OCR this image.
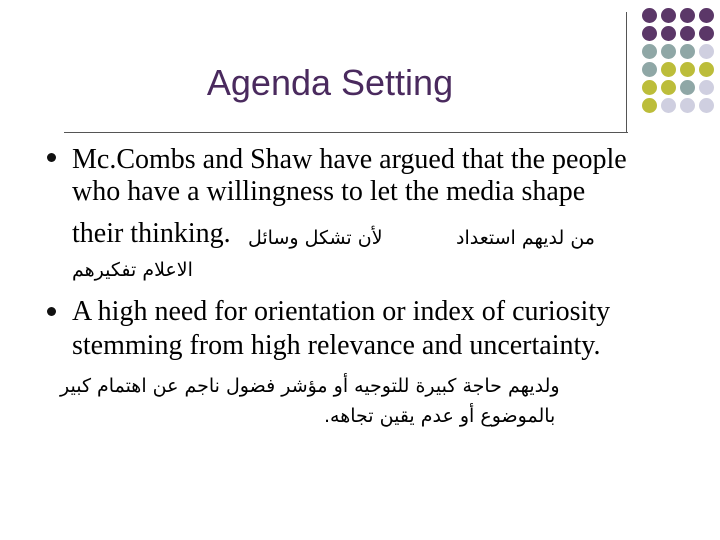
Agenda Setting
Mc.Combs and Shaw have argued that the people
who have a willingness to let the media shape
their thinking. لأن تشكل وسائل	من لديهم استعداد
الاعلام تفكيرهم
A high need for orientation or index of curiosity
stemming from high relevance and uncertainty.
ولديهم حاجة كبيرة للتوجيه أو مؤشر فضول ناجم عن اهتمام كبير
بالموضوع أو عدم يقين تجاهه.
